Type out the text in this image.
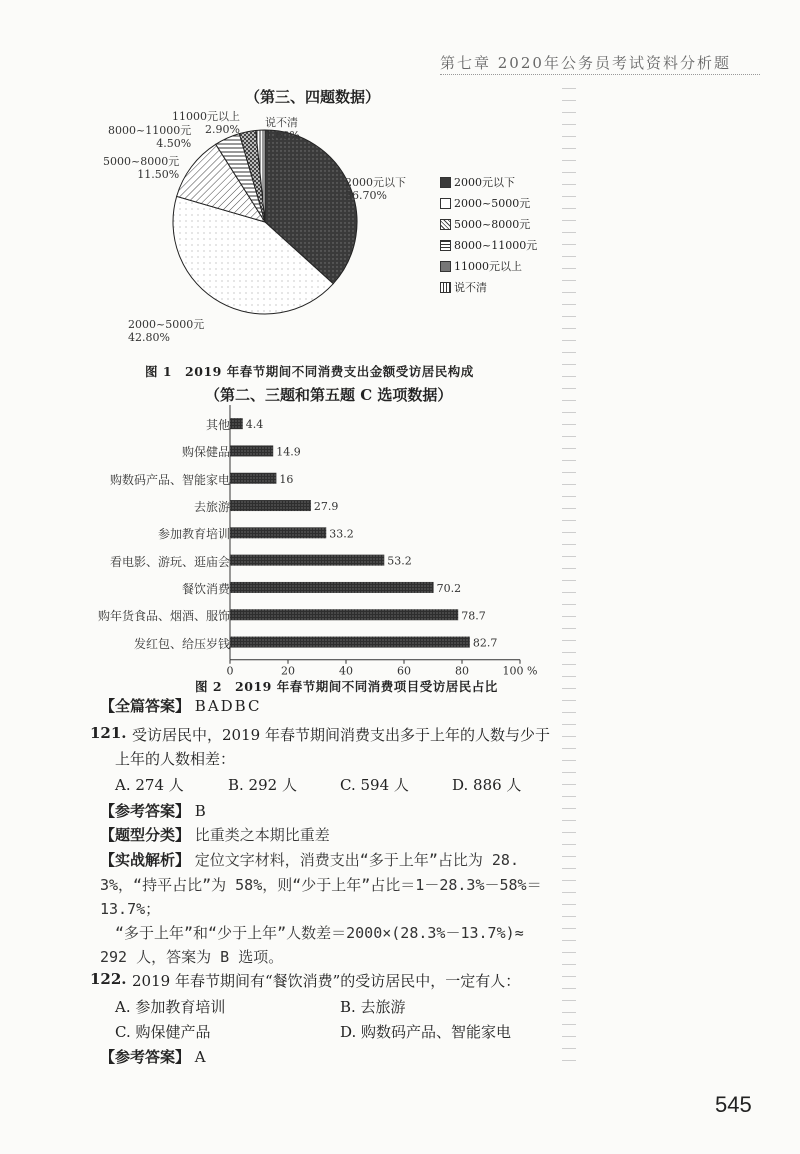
第七章 2020年公务员考试资料分析题
（第三、四题数据）
2000元以下
36.70%
2000~5000元
42.80%
5000~8000元
11.50%
8000~11000元
4.50%
11000元以上
2.90%
说不清
1.60%
2000元以下
2000~5000元
5000~8000元
8000~11000元
11000元以上
说不清
图 1　2019 年春节期间不同消费支出金额受访居民构成
（第二、三题和第五题 C 选项数据）
其他
购保健品
购数码产品、智能家电
去旅游
参加教育培训
看电影、游玩、逛庙会
餐饮消费
购年货食品、烟酒、服饰
发红包、给压岁钱
0	20	40	60	80	100 %
4.4
14.9
16
27.9
33.2
53.2
70.2
78.7
82.7
图 2　2019 年春节期间不同消费项目受访居民占比
【全篇答案】 BADBC
121. 受访居民中，2019 年春节期间消费支出多于上年的人数与少于
上年的人数相差：
A. 274 人	B. 292 人	C. 594 人	D. 886 人
【参考答案】 B
【题型分类】 比重类之本期比重差
【实战解析】 定位文字材料，消费支出“多于上年”占比为 28.
3%，“持平占比”为 58%，则“少于上年”占比＝1－28.3%－58%＝
13.7%；
“多于上年”和“少于上年”人数差＝2000×(28.3%－13.7%)≈
292 人，答案为 B 选项。
122. 2019 年春节期间有“餐饮消费”的受访居民中，一定有人：
A. 参加教育培训	B. 去旅游
C. 购保健产品	D. 购数码产品、智能家电
【参考答案】 A
545
